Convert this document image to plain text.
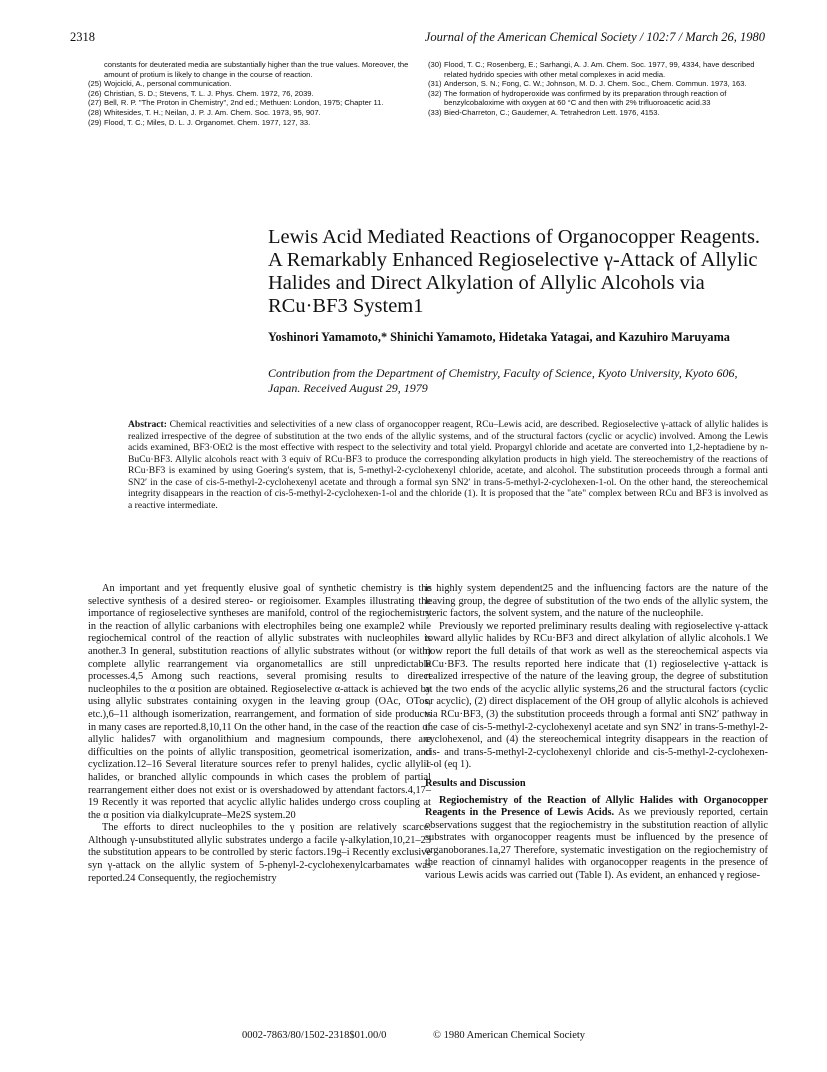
2318	Journal of the American Chemical Society / 102:7 / March 26, 1980
constants for deuterated media are substantially higher than the true values. Moreover, the amount of protium is likely to change in the course of reaction.
(25) Wojcicki, A., personal communication.
(26) Christian, S. D.; Stevens, T. L. J. Phys. Chem. 1972, 76, 2039.
(27) Bell, R. P. "The Proton in Chemistry", 2nd ed.; Methuen: London, 1975; Chapter 11.
(28) Whitesides, T. H.; Neilan, J. P. J. Am. Chem. Soc. 1973, 95, 907.
(29) Flood, T. C.; Miles, D. L. J. Organomet. Chem. 1977, 127, 33.
(30) Flood, T. C.; Rosenberg, E.; Sarhangi, A. J. Am. Chem. Soc. 1977, 99, 4334, have described related hydrido species with other metal complexes in acid media.
(31) Anderson, S. N.; Fong, C. W.; Johnson, M. D. J. Chem. Soc., Chem. Commun. 1973, 163.
(32) The formation of hydroperoxide was confirmed by its preparation through reaction of benzylcobaloxime with oxygen at 60 °C and then with 2% trifluoroacetic acid.33
(33) Bied-Charreton, C.; Gaudemer, A. Tetrahedron Lett. 1976, 4153.
Lewis Acid Mediated Reactions of Organocopper Reagents. A Remarkably Enhanced Regioselective γ-Attack of Allylic Halides and Direct Alkylation of Allylic Alcohols via RCu·BF3 System1
Yoshinori Yamamoto,* Shinichi Yamamoto, Hidetaka Yatagai, and Kazuhiro Maruyama
Contribution from the Department of Chemistry, Faculty of Science, Kyoto University, Kyoto 606, Japan. Received August 29, 1979
Abstract: Chemical reactivities and selectivities of a new class of organocopper reagent, RCu–Lewis acid, are described. Regioselective γ-attack of allylic halides is realized irrespective of the degree of substitution at the two ends of the allylic systems, and of the structural factors (cyclic or acyclic) involved. Among the Lewis acids examined, BF3·OEt2 is the most effective with respect to the selectivity and total yield. Propargyl chloride and acetate are converted into 1,2-heptadiene by n-BuCu·BF3. Allylic alcohols react with 3 equiv of RCu·BF3 to produce the corresponding alkylation products in high yield. The stereochemistry of the reactions of RCu·BF3 is examined by using Goering's system, that is, 5-methyl-2-cyclohexenyl chloride, acetate, and alcohol. The substitution proceeds through a formal anti SN2′ in the case of cis-5-methyl-2-cyclohexenyl acetate and through a formal syn SN2′ in trans-5-methyl-2-cyclohexen-1-ol. On the other hand, the stereochemical integrity disappears in the reaction of cis-5-methyl-2-cyclohexen-1-ol and the chloride (1). It is proposed that the "ate" complex between RCu and BF3 is involved as a reactive intermediate.

An important and yet frequently elusive goal of synthetic chemistry is the selective synthesis of a desired stereo- or regioisomer. Examples illustrating the importance of regioselective syntheses are manifold, control of the regiochemistry in the reaction of allylic carbanions with electrophiles being one example2 while regiochemical control of the reaction of allylic substrates with nucleophiles is another.3 In general, substitution reactions of allylic substrates without (or with) complete allylic rearrangement via organometallics are still unpredictable processes.4,5 Among such reactions, several promising results to direct nucleophiles to the α position are obtained. Regioselective α-attack is achieved by using allylic substrates containing oxygen in the leaving group (OAc, OTos, etc.),6–11 although isomerization, rearrangement, and formation of side products in many cases are reported.8,10,11 On the other hand, in the case of the reaction of allylic halides7 with organolithium and magnesium compounds, there are difficulties on the points of allylic transposition, geometrical isomerization, and cyclization.12–16 Several literature sources refer to prenyl halides, cyclic allylic halides, or branched allylic compounds in which cases the problem of partial rearrangement either does not exist or is overshadowed by attendant factors.4,17–19 Recently it was reported that acyclic allylic halides undergo cross coupling at the α position via dialkylcuprate–Me2S system.20

The efforts to direct nucleophiles to the γ position are relatively scarce. Although γ-unsubstituted allylic substrates undergo a facile γ-alkylation,10,21–23 the substitution appears to be controlled by steric factors.19g–i Recently exclusive syn γ-attack on the allylic system of 5-phenyl-2-cyclohexenylcarbamates was reported.24 Consequently, the regiochemistry

is highly system dependent25 and the influencing factors are the nature of the leaving group, the degree of substitution of the two ends of the allylic system, the steric factors, the solvent system, and the nature of the nucleophile.

Previously we reported preliminary results dealing with regioselective γ-attack toward allylic halides by RCu·BF3 and direct alkylation of allylic alcohols.1 We now report the full details of that work as well as the stereochemical aspects via RCu·BF3. The results reported here indicate that (1) regioselective γ-attack is realized irrespective of the nature of the leaving group, the degree of substitution at the two ends of the acyclic allylic systems,26 and the structural factors (cyclic or acyclic), (2) direct displacement of the OH group of allylic alcohols is achieved via RCu·BF3, (3) the substitution proceeds through a formal anti SN2′ pathway in the case of cis-5-methyl-2-cyclohexenyl acetate and syn SN2′ in trans-5-methyl-2-cyclohexenol, and (4) the stereochemical integrity disappears in the reaction of cis- and trans-5-methyl-2-cyclohexenyl chloride and cis-5-methyl-2-cyclohexen-1-ol (eq 1).

Results and Discussion

Regiochemistry of the Reaction of Allylic Halides with Organocopper Reagents in the Presence of Lewis Acids. As we previously reported, certain observations suggest that the regiochemistry in the substitution reaction of allylic substrates with organocopper reagents must be influenced by the presence of organoboranes.1a,27 Therefore, systematic investigation on the regiochemistry of the reaction of cinnamyl halides with organocopper reagents in the presence of various Lewis acids was carried out (Table I). As evident, an enhanced γ regiose-

0002-7863/80/1502-2318$01.00/0	© 1980 American Chemical Society
